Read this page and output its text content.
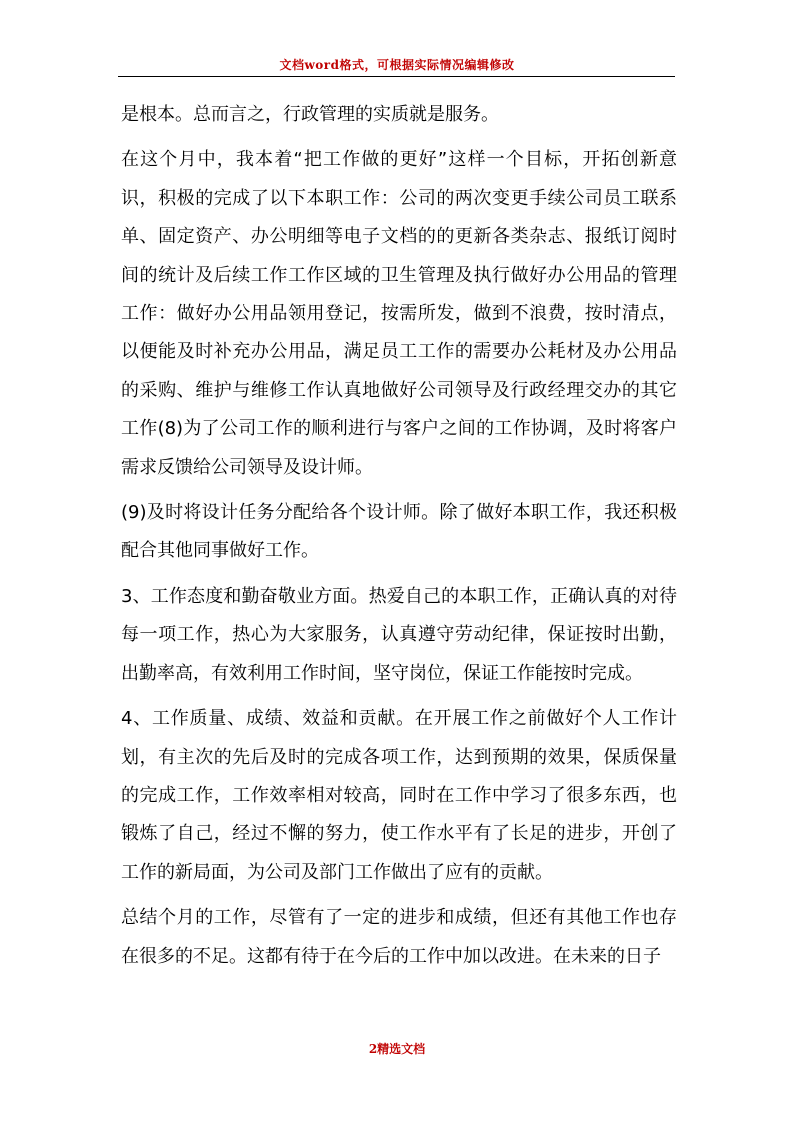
文档word格式，可根据实际情况编辑修改

是根本。总而言之，行政管理的实质就是服务。

在这个月中，我本着“把工作做的更好”这样一个目标，开拓创新意识，积极的完成了以下本职工作：公司的两次变更手续公司员工联系单、固定资产、办公明细等电子文档的的更新各类杂志、报纸订阅时间的统计及后续工作工作区域的卫生管理及执行做好办公用品的管理工作：做好办公用品领用登记，按需所发，做到不浪费，按时清点，以便能及时补充办公用品，满足员工工作的需要办公耗材及办公用品的采购、维护与维修工作认真地做好公司领导及行政经理交办的其它工作(8)为了公司工作的顺利进行与客户之间的工作协调，及时将客户需求反馈给公司领导及设计师。

(9)及时将设计任务分配给各个设计师。除了做好本职工作，我还积极配合其他同事做好工作。

3、工作态度和勤奋敬业方面。热爱自己的本职工作，正确认真的对待每一项工作，热心为大家服务，认真遵守劳动纪律，保证按时出勤，出勤率高，有效利用工作时间，坚守岗位，保证工作能按时完成。

4、工作质量、成绩、效益和贡献。在开展工作之前做好个人工作计划，有主次的先后及时的完成各项工作，达到预期的效果，保质保量的完成工作，工作效率相对较高，同时在工作中学习了很多东西，也锻炼了自己，经过不懈的努力，使工作水平有了长足的进步，开创了工作的新局面，为公司及部门工作做出了应有的贡献。

总结个月的工作，尽管有了一定的进步和成绩，但还有其他工作也存在很多的不足。这都有待于在今后的工作中加以改进。在未来的日子

2精选文档
